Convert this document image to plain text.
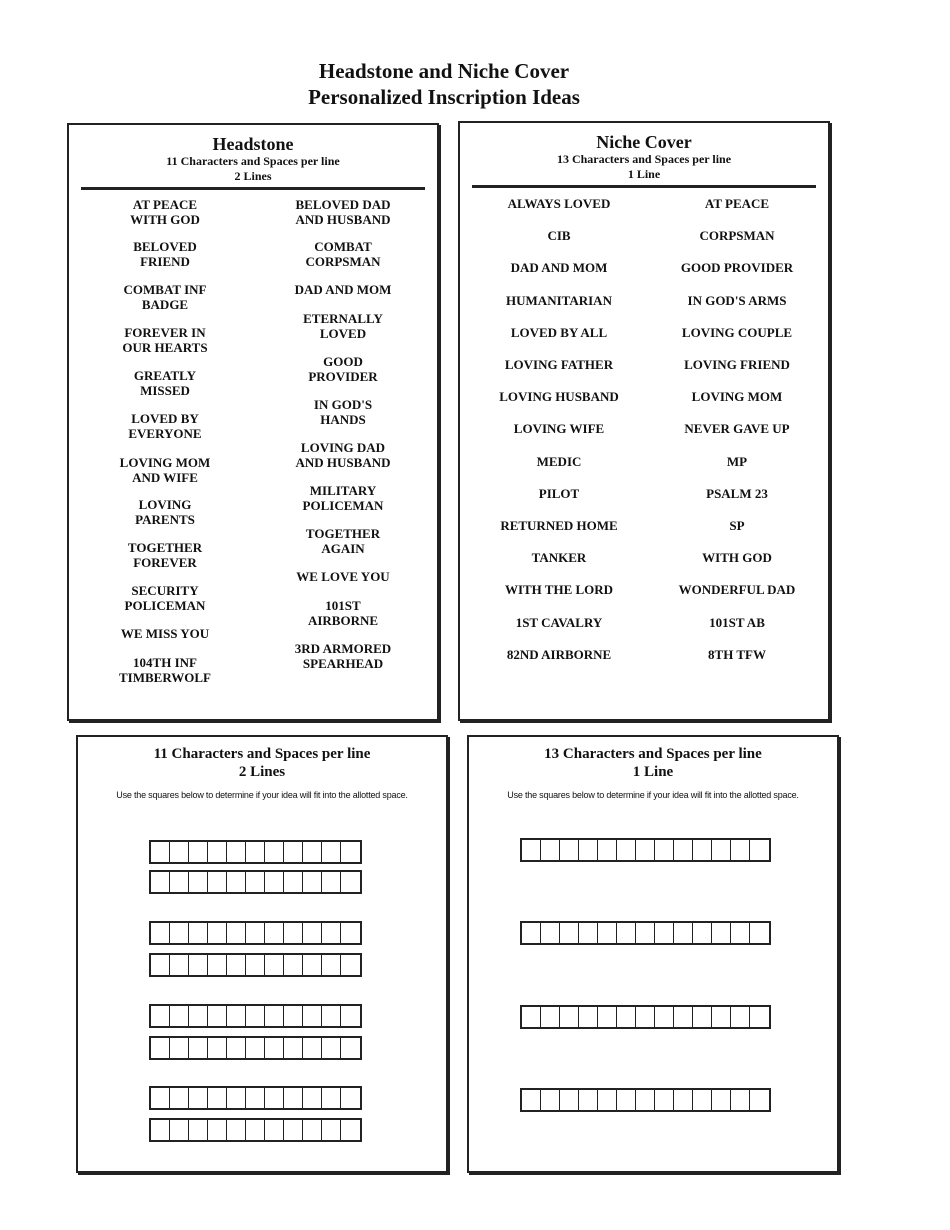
Headstone and Niche Cover
Personalized Inscription Ideas
Headstone
11 Characters and Spaces per line
2 Lines
AT PEACE
WITH GOD
BELOVED
FRIEND
COMBAT INF
BADGE
FOREVER IN
OUR HEARTS
GREATLY
MISSED
LOVED BY
EVERYONE
LOVING MOM
AND WIFE
LOVING
PARENTS
TOGETHER
FOREVER
SECURITY
POLICEMAN
WE MISS YOU
104TH INF
TIMBERWOLF
BELOVED DAD
AND HUSBAND
COMBAT
CORPSMAN
DAD AND MOM
ETERNALLY
LOVED
GOOD
PROVIDER
IN GOD'S
HANDS
LOVING DAD
AND HUSBAND
MILITARY
POLICEMAN
TOGETHER
AGAIN
WE LOVE YOU
101ST
AIRBORNE
3RD ARMORED
SPEARHEAD
Niche Cover
13 Characters and Spaces per line
1 Line
ALWAYS LOVED
CIB
DAD AND MOM
HUMANITARIAN
LOVED BY ALL
LOVING FATHER
LOVING HUSBAND
LOVING WIFE
MEDIC
PILOT
RETURNED HOME
TANKER
WITH THE LORD
1ST CAVALRY
82ND AIRBORNE
AT PEACE
CORPSMAN
GOOD PROVIDER
IN GOD'S ARMS
LOVING COUPLE
LOVING FRIEND
LOVING MOM
NEVER GAVE UP
MP
PSALM 23
SP
WITH GOD
WONDERFUL DAD
101ST AB
8TH TFW
11 Characters and Spaces per line
2 Lines
Use the squares below to determine if your idea will fit into the allotted space.
13 Characters and Spaces per line
1 Line
Use the squares below to determine if your idea will fit into the allotted space.
